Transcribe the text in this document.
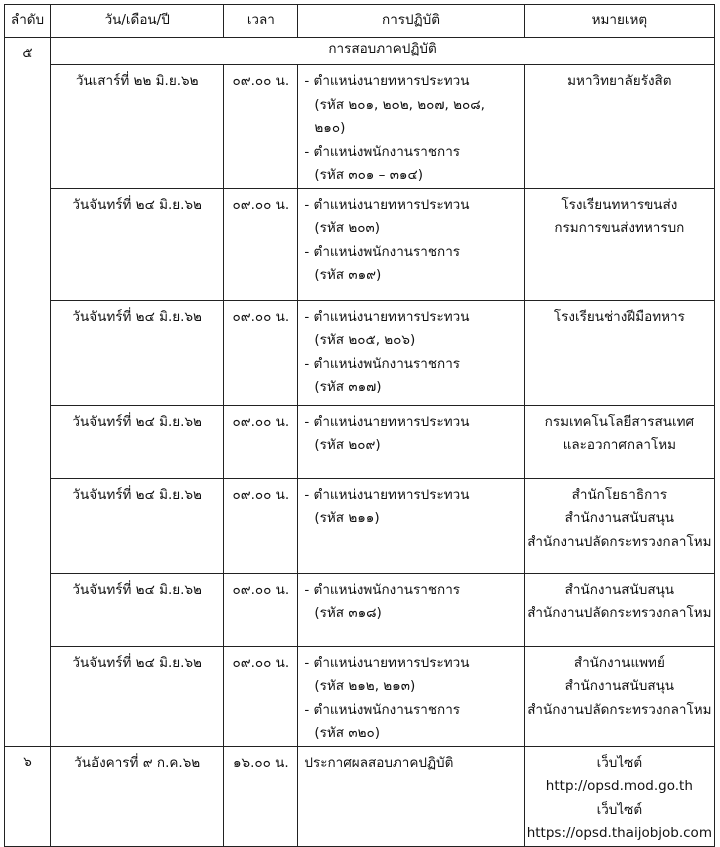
ลำดับ	วัน/เดือน/ปี	เวลา	การปฏิบัติ	หมายเหตุ
๕	การสอบภาคปฏิบัติ			
	วันเสาร์ที่ ๒๒ มิ.ย.๖๒	๐๙.๐๐ น.	- ตำแหน่งนายทหารประทวน
(รหัส ๒๐๑, ๒๐๒, ๒๐๗, ๒๐๘,
๒๑๐)
- ตำแหน่งพนักงานราชการ
(รหัส ๓๐๑ – ๓๑๔)	มหาวิทยาลัยรังสิต

	วันจันทร์ที่ ๒๔ มิ.ย.๖๒	๐๙.๐๐ น.	- ตำแหน่งนายทหารประทวน
(รหัส ๒๐๓)
- ตำแหน่งพนักงานราชการ
(รหัส ๓๑๙)	โรงเรียนทหารขนส่ง
กรมการขนส่งทหารบก

	วันจันทร์ที่ ๒๔ มิ.ย.๖๒	๐๙.๐๐ น.	- ตำแหน่งนายทหารประทวน
(รหัส ๒๐๕, ๒๐๖)
- ตำแหน่งพนักงานราชการ
(รหัส ๓๑๗)	โรงเรียนช่างฝีมือทหาร

	วันจันทร์ที่ ๒๔ มิ.ย.๖๒	๐๙.๐๐ น.	- ตำแหน่งนายทหารประทวน
(รหัส ๒๐๙)	กรมเทคโนโลยีสารสนเทศ
และอวกาศกลาโหม

	วันจันทร์ที่ ๒๔ มิ.ย.๖๒	๐๙.๐๐ น.	- ตำแหน่งนายทหารประทวน
(รหัส ๒๑๑)	สำนักโยธาธิการ
สำนักงานสนับสนุน
สำนักงานปลัดกระทรวงกลาโหม

	วันจันทร์ที่ ๒๔ มิ.ย.๖๒	๐๙.๐๐ น.	- ตำแหน่งพนักงานราชการ
(รหัส ๓๑๘)	สำนักงานสนับสนุน
สำนักงานปลัดกระทรวงกลาโหม

	วันจันทร์ที่ ๒๔ มิ.ย.๖๒	๐๙.๐๐ น.	- ตำแหน่งนายทหารประทวน
(รหัส ๒๑๒, ๒๑๓)
- ตำแหน่งพนักงานราชการ
(รหัส ๓๒๐)	สำนักงานแพทย์
สำนักงานสนับสนุน
สำนักงานปลัดกระทรวงกลาโหม

๖	วันอังคารที่ ๙ ก.ค.๖๒	๑๖.๐๐ น.	ประกาศผลสอบภาคปฏิบัติ	เว็บไซต์ http://opsd.mod.go.th
เว็บไซต์
https://opsd.thaijobjob.com
